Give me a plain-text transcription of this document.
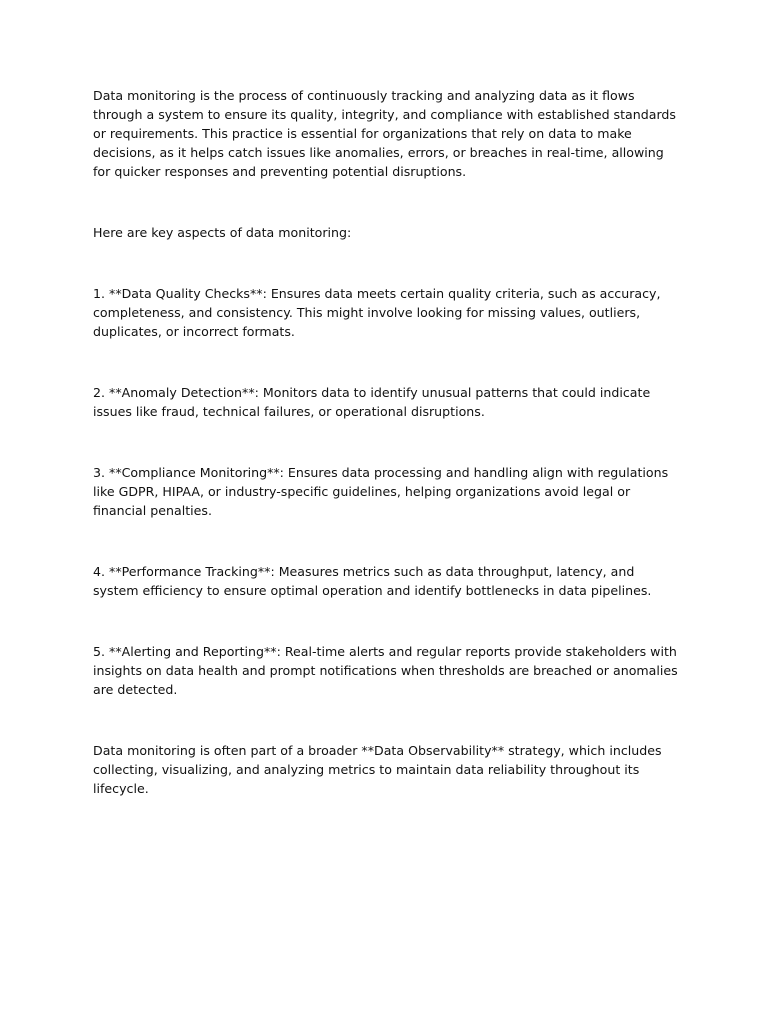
Data monitoring is the process of continuously tracking and analyzing data as it flows through a system to ensure its quality, integrity, and compliance with established standards or requirements. This practice is essential for organizations that rely on data to make decisions, as it helps catch issues like anomalies, errors, or breaches in real-time, allowing for quicker responses and preventing potential disruptions.

Here are key aspects of data monitoring:

1. **Data Quality Checks**: Ensures data meets certain quality criteria, such as accuracy, completeness, and consistency. This might involve looking for missing values, outliers, duplicates, or incorrect formats.

2. **Anomaly Detection**: Monitors data to identify unusual patterns that could indicate issues like fraud, technical failures, or operational disruptions.

3. **Compliance Monitoring**: Ensures data processing and handling align with regulations like GDPR, HIPAA, or industry-specific guidelines, helping organizations avoid legal or financial penalties.

4. **Performance Tracking**: Measures metrics such as data throughput, latency, and system efficiency to ensure optimal operation and identify bottlenecks in data pipelines.

5. **Alerting and Reporting**: Real-time alerts and regular reports provide stakeholders with insights on data health and prompt notifications when thresholds are breached or anomalies are detected.

Data monitoring is often part of a broader **Data Observability** strategy, which includes collecting, visualizing, and analyzing metrics to maintain data reliability throughout its lifecycle.
